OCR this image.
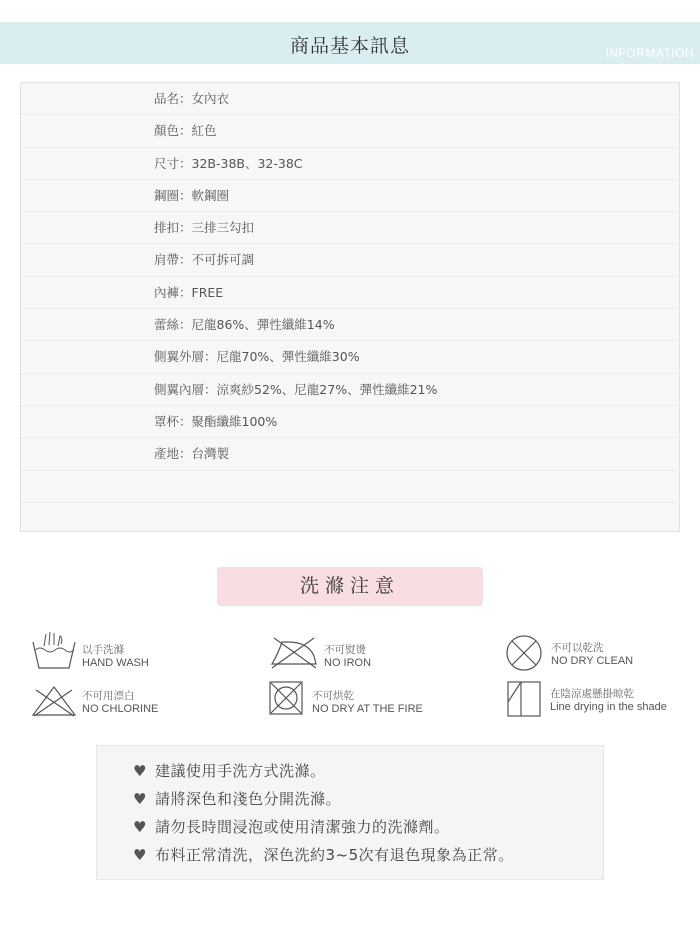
商品基本訊息	INFORMATION
品名：女內衣
顏色：紅色
尺寸：32B-38B、32-38C
鋼圈：軟鋼圈
排扣：三排三勾扣
肩帶：不可拆可調
內褲：FREE
蕾絲：尼龍86%、彈性纖維14%
側翼外層：尼龍70%、彈性纖維30%
側翼內層：涼爽紗52%、尼龍27%、彈性纖維21%
罩杯：聚酯纖維100%
產地：台灣製
洗滌注意
以手洗滌
HAND WASH
不可熨燙
NO IRON
不可以乾洗
NO DRY CLEAN
不可用漂白
NO CHLORINE
不可烘乾
NO DRY AT THE FIRE
在陰涼處懸掛晾乾
Line drying in the shade
♥ 建議使用手洗方式洗滌。
♥ 請將深色和淺色分開洗滌。
♥ 請勿長時間浸泡或使用清潔強力的洗滌劑。
♥ 布料正常清洗，深色洗約3~5次有退色現象為正常。
